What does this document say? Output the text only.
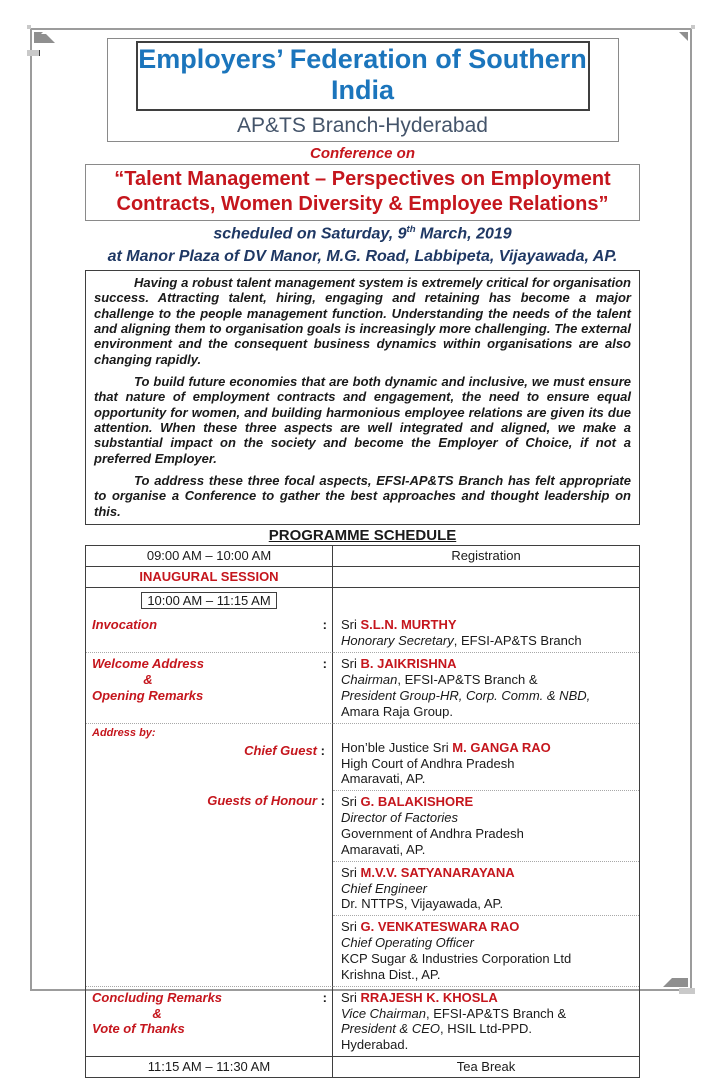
Employers’ Federation of Southern India
AP&TS Branch-Hyderabad
Conference on
“Talent Management – Perspectives on Employment
Contracts, Women Diversity & Employee Relations”
scheduled on Saturday, 9th March, 2019
at Manor Plaza of DV Manor, M.G. Road, Labbipeta, Vijayawada, AP.

Having a robust talent management system is extremely critical for organisation success. Attracting talent, hiring, engaging and retaining has become a major challenge to the people management function. Understanding the needs of the talent and aligning them to organisation goals is increasingly more challenging. The external environment and the consequent business dynamics within organisations are also changing rapidly.

To build future economies that are both dynamic and inclusive, we must ensure that nature of employment contracts and engagement, the need to ensure equal opportunity for women, and building harmonious employee relations are given its due attention. When these three aspects are well integrated and aligned, we make a substantial impact on the society and become the Employer of Choice, if not a preferred Employer.

To address these three focal aspects, EFSI-AP&TS Branch has felt appropriate to organise a Conference to gather the best approaches and thought leadership on this.

PROGRAMME SCHEDULE
09:00 AM – 10:00 AM	Registration
INAUGURAL SESSION
10:00 AM – 11:15 AM
Invocation	: Sri S.L.N. MURTHY
Honorary Secretary, EFSI-AP&TS Branch
Welcome Address
&
Opening Remarks
: Sri B. JAIKRISHNA
Chairman, EFSI-AP&TS Branch &
President Group-HR, Corp. Comm. & NBD,
Amara Raja Group.
Address by:
Chief Guest : Hon’ble Justice Sri M. GANGA RAO
High Court of Andhra Pradesh
Amaravati, AP.
Guests of Honour : Sri G. BALAKISHORE
Director of Factories
Government of Andhra Pradesh
Amaravati, AP.
Sri M.V.V. SATYANARAYANA
Chief Engineer
Dr. NTTPS, Vijayawada, AP.
Sri G. VENKATESWARA RAO
Chief Operating Officer
KCP Sugar & Industries Corporation Ltd
Krishna Dist., AP.
Concluding Remarks
&
Vote of Thanks
: Sri RRAJESH K. KHOSLA
Vice Chairman, EFSI-AP&TS Branch &
President & CEO, HSIL Ltd-PPD.
Hyderabad.
11:15 AM – 11:30 AM	Tea Break
